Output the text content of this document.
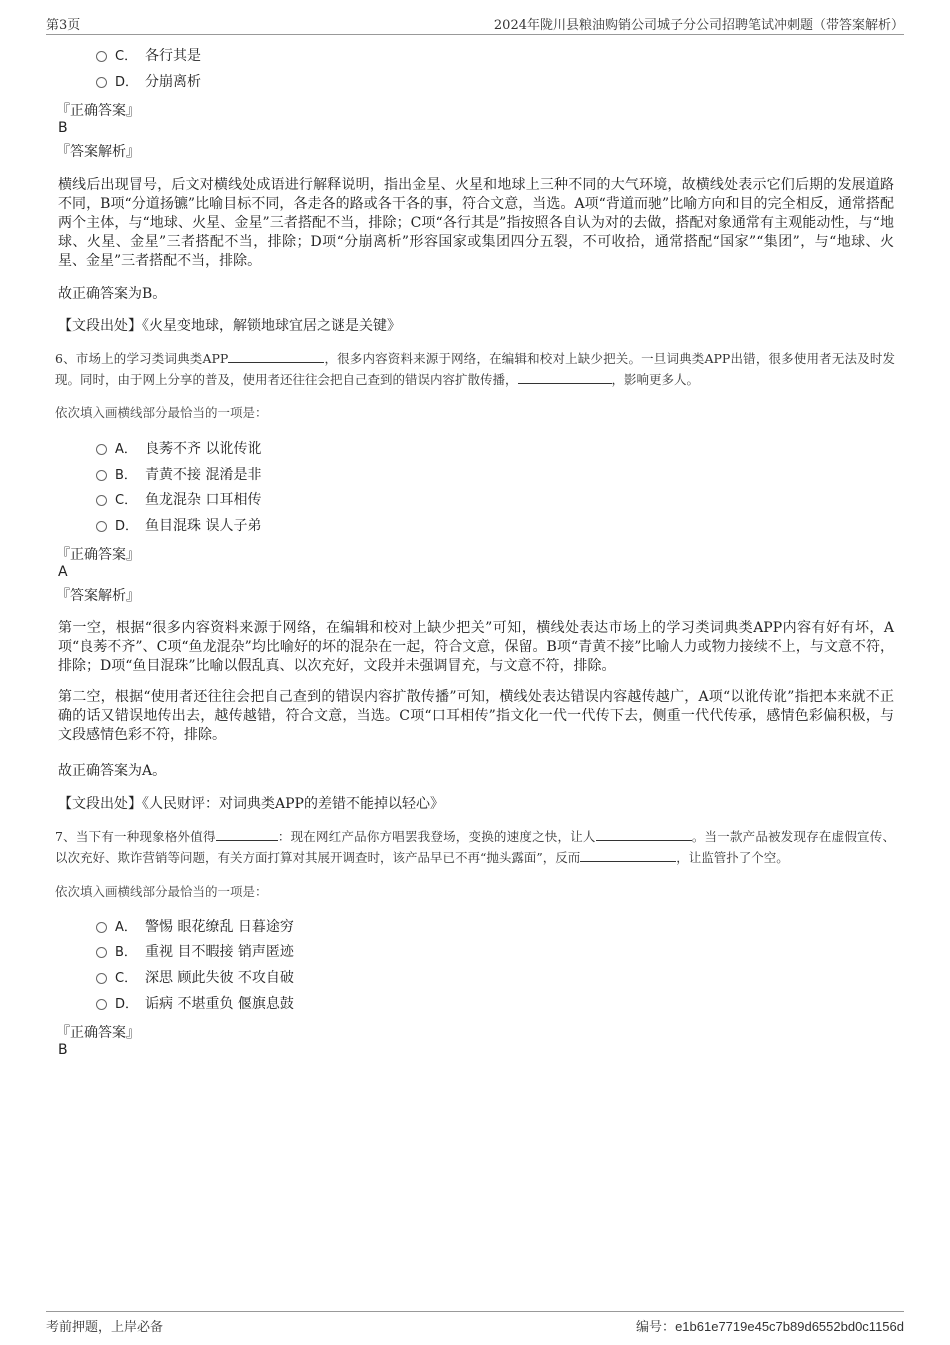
第3页	2024年陇川县粮油购销公司城子分公司招聘笔试冲刺题（带答案解析）
C． 各行其是
D． 分崩离析
『正确答案』
B
『答案解析』
横线后出现冒号，后文对横线处成语进行解释说明，指出金星、火星和地球上三种不同的大气环境，故横线处表示它们后期的发展道路不同，B项“分道扬镳”比喻目标不同，各走各的路或各干各的事，符合文意，当选。A项“背道而驰”比喻方向和目的完全相反，通常搭配两个主体，与“地球、火星、金星”三者搭配不当，排除；C项“各行其是”指按照各自认为对的去做，搭配对象通常有主观能动性，与“地球、火星、金星”三者搭配不当，排除；D项“分崩离析”形容国家或集团四分五裂，不可收拾，通常搭配“国家”“集团”，与“地球、火星、金星”三者搭配不当，排除。
故正确答案为B。
【文段出处】《火星变地球，解锁地球宜居之谜是关键》
6、市场上的学习类词典类APP	，很多内容资料来源于网络，在编辑和校对上缺少把关。一旦词典类APP出错，很多使用者无法及时发现。同时，由于网上分享的普及，使用者还往往会把自己查到的错误内容扩散传播，	，影响更多人。
依次填入画横线部分最恰当的一项是：
A． 良莠不齐 以讹传讹
B． 青黄不接 混淆是非
C． 鱼龙混杂 口耳相传
D． 鱼目混珠 误人子弟
『正确答案』
A
『答案解析』
第一空，根据“很多内容资料来源于网络，在编辑和校对上缺少把关”可知，横线处表达市场上的学习类词典类APP内容有好有坏，A项“良莠不齐”、C项“鱼龙混杂”均比喻好的坏的混杂在一起，符合文意，保留。B项“青黄不接”比喻人力或物力接续不上，与文意不符，排除；D项“鱼目混珠”比喻以假乱真、以次充好，文段并未强调冒充，与文意不符，排除。
第二空，根据“使用者还往往会把自己查到的错误内容扩散传播”可知，横线处表达错误内容越传越广，A项“以讹传讹”指把本来就不正确的话又错误地传出去，越传越错，符合文意，当选。C项“口耳相传”指文化一代一代传下去，侧重一代代传承，感情色彩偏积极，与文段感情色彩不符，排除。
故正确答案为A。
【文段出处】《人民财评：对词典类APP的差错不能掉以轻心》
7、当下有一种现象格外值得	：现在网红产品你方唱罢我登场，变换的速度之快，让人	。当一款产品被发现存在虚假宣传、以次充好、欺诈营销等问题，有关方面打算对其展开调查时，该产品早已不再“抛头露面”，反而	，让监管扑了个空。
依次填入画横线部分最恰当的一项是：
A． 警惕 眼花缭乱 日暮途穷
B． 重视 目不暇接 销声匿迹
C． 深思 顾此失彼 不攻自破
D． 诟病 不堪重负 偃旗息鼓
『正确答案』
B
考前押题，上岸必备	编号：e1b61e7719e45c7b89d6552bd0c1156d
